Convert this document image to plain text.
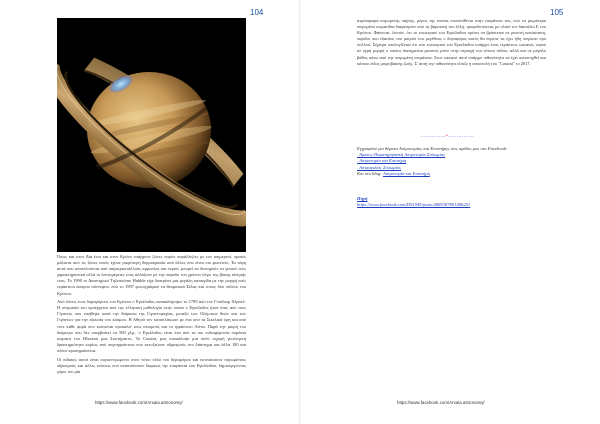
104

Όπως και στον Δία έτσι και στον Κρόνο υπάρχουν ζώνες νεφών παράλληλες με τον ισημερινό, ορατές μάλιστα από τις ζώνες αυτές έχουν μικρότερη θερμοκρασία από άλλες που είναι πιο φωτεινές. Τα νέφη αυτά που αποτελούνται από παγοκρυστάλλους αμμωνίας και νερού, μπορεί να διατηρούν τα γενικά τους χαρακτηριστικά αλλά οι λεπτομέρειες τους αλλάζουν με την πάροδο του χρόνου λόγω της βίαιης κίνησής τους. Το 1990 το Διαστημικό Τηλεσκόπιο Hubble είχε διακρίνει μια μεγάλη καταιγίδα με την μορφή ενός τεράστιου άσπρου σύννεφου, ενώ το 1997 φωτογράφισε τα θεαματικά Σέλας και στους δύο πόλους του Κρόνου.

Από όλους τους δορυφόρους του Κρόνου ο Εγκέλαδος ανακαλύφτηκε το 1789 από τον Γουίλιαμ Χέρσελ. Η ονομασία του προέρχεται από την ελληνική μυθολογία στην οποία ο Εγκέλαδος ήταν ένας από τους Γίγαντες που νικήθηκε κατά την διάρκεια της Γιγαντομαχίας, μεταξύ των Ολύμπιων θεών και των Γιγάντων για την εξουσία του κόσμου. Η Αθηνά τον καταπλάκωσε με ένα από τα Σικελικά όρη και από τότε κάθε φορά που κουνιέται προκαλεί τους σεισμούς και το ηφαίστειο Αίτνα. Παρά την μικρή του διάμετρο που δεν υπερβαίνει τα 500 χλμ., ο Εγκέλαδος είναι ένα από τα πιο ενδιαφέροντα ουράνια σώματα του Ηλιακού μας Συστήματος. Το Cassini, μας αποκάλυψε μια πολύ ισχυρή γεωλογική δραστηριότητα κυρίως από παγοηφαίστεια που εκτοξεύουν υδρατμούς στο διάστημα και άλλα 100 και πλέον κρυοηφαίστεια.

Οι πίδακες αυτοί είναι συγκεντρωμένοι στον νότιο πόλο του δορυφόρου και εκτινάσσουν παγωμένους υδρατμούς και άλλες ενώσεις που αναπτύσσουν διαρκώς την επιφάνεια του Εγκέλαδου, δημιουργώντας γύρω του μία

https://www.facebook.com/Arxaia.astronomy/
105

ατμόσφαιρα παγωμένης πάχνης, μέρος της οποίας εναποτίθεται στην επιφάνεια του, ενώ τα μικρότερα παγωμένα σωματίδια διαφεύγουν από τη βαρυτική του έλξη, τροφοδοτώντας με υλικό τον δακτύλιο Ε του Κρόνου. Φαίνεται, λοιπόν, ότι το εσωτερικό του Εγκέλαδου πρέπει να βρίσκεται σε ρευστή κατάσταση, παρόλο που εξαιτίας του μικρού του μεγέθους ο δορυφόρος αυτός θα έπρεπε να έχει ήδη παγώσει προ πολλού. Σήμερα υπολογίζεται ότι στο εσωτερικό του Εγκέλαδου υπάρχει ένας τεράστιος ωκεανός νερού σε υγρή μορφή ο οποίος διατηρείται ρευστός μόνο στην περιοχή του νότιου πόλου, αλλά και σε μεγάλο βάθος κάτω από την παγωμένη επιφάνεια. Στον ωκεανό αυτό υπάρχει πιθανότητα να έχει αναπτυχθεί και κάποιο είδος μικροβιακής ζωής. Σ' αυτή την πιθανότητα έλπιζε η αποστολή του "Cassini" το 2017.

……………•……………
Εγγραφείτε για θέματα Αστρονομίας και Επιστήμης στις ομάδες μας στο Facebook:
. Άρατος-Παρατηρησιακή Αστρονομία Σολωμίας
. Αστρονομία και Επιστήμη
. Αστροφιλίας Σολωμίας
Και στο blog: Αστρονομία και Επιστήμη
Πηγή
https://www.facebook.com/DS1945/posts/2885387861496251
https://www.facebook.com/Arxaia.astronomy/
